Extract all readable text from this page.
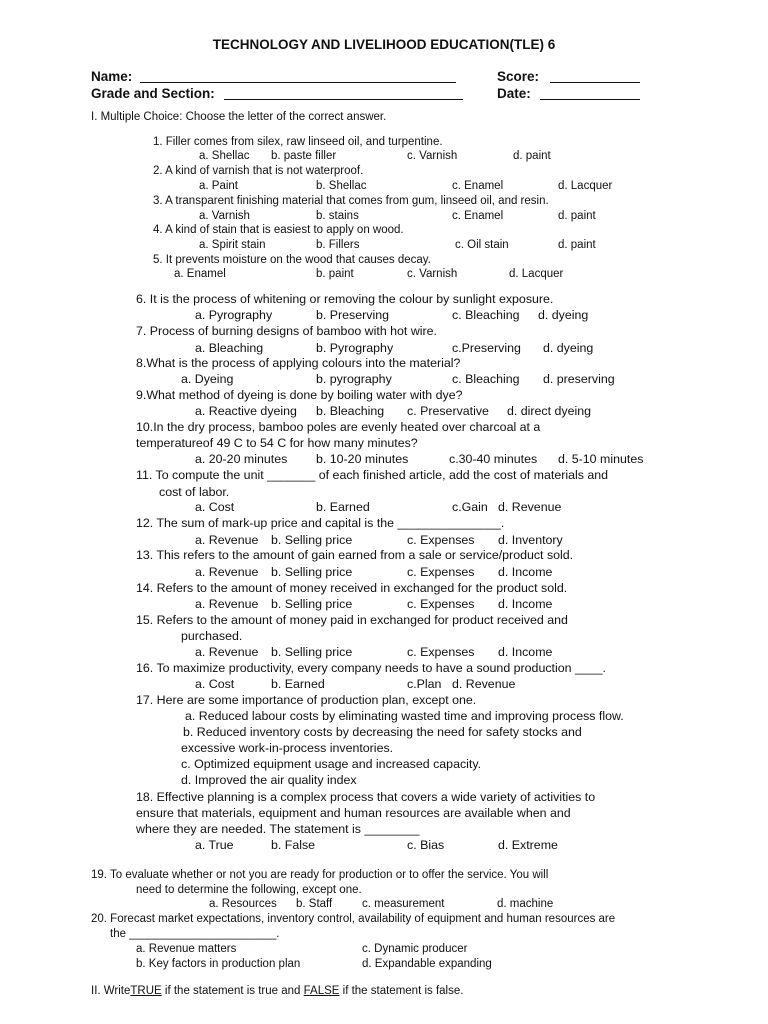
TECHNOLOGY AND LIVELIHOOD EDUCATION(TLE) 6
Name:	Score:
Grade and Section:	Date:
I. Multiple Choice: Choose the letter of the correct answer.
1. Filler comes from silex, raw linseed oil, and turpentine.
a. Shellac b. paste filler	c. Varnish	d. paint
2. A kind of varnish that is not waterproof.
a. Paint	b. Shellac	c. Enamel	d. Lacquer
3. A transparent finishing material that comes from gum, linseed oil, and resin.
a. Varnish	b. stains	c. Enamel	d. paint
4. A kind of stain that is easiest to apply on wood.
a. Spirit stain	b. Fillers	c. Oil stain	d. paint
5. It prevents moisture on the wood that causes decay.
a. Enamel	b. paint	c. Varnish	d. Lacquer
6. It is the process of whitening or removing the colour by sunlight exposure.
a. Pyrography	b. Preserving	c. Bleaching d. dyeing
7. Process of burning designs of bamboo with hot wire.
a. Bleaching	b. Pyrography	c.Preserving d. dyeing
8.What is the process of applying colours into the material?
a. Dyeing	b. pyrography	c. Bleaching d. preserving
9.What method of dyeing is done by boiling water with dye?
a. Reactive dyeing b. Bleaching c. Preservative d. direct dyeing
10.In the dry process, bamboo poles are evenly heated over charcoal at a
temperatureof 49 C to 54 C for how many minutes?
a. 20-20 minutes b. 10-20 minutes	c.30-40 minutes d. 5-10 minutes
11. To compute the unit _______ of each finished article, add the cost of materials and
cost of labor.
a. Cost	b. Earned	c.Gain d. Revenue
12. The sum of mark-up price and capital is the _______________.
a. Revenue b. Selling price	c. Expenses d. Inventory
13. This refers to the amount of gain earned from a sale or service/product sold.
a. Revenue b. Selling price	c. Expenses d. Income
14. Refers to the amount of money received in exchanged for the product sold.
a. Revenue b. Selling price	c. Expenses d. Income
15. Refers to the amount of money paid in exchanged for product received and
purchased.
a. Revenue b. Selling price	c. Expenses d. Income
16. To maximize productivity, every company needs to have a sound production ____.
a. Cost	b. Earned	c.Plan d. Revenue
17. Here are some importance of production plan, except one.
a. Reduced labour costs by eliminating wasted time and improving process flow.
b. Reduced inventory costs by decreasing the need for safety stocks and
excessive work-in-process inventories.
c. Optimized equipment usage and increased capacity.
d. Improved the air quality index
18. Effective planning is a complex process that covers a wide variety of activities to
ensure that materials, equipment and human resources are available when and
where they are needed. The statement is ________
a. True	b. False	c. Bias	d. Extreme
19. To evaluate whether or not you are ready for production or to offer the service. You will
need to determine the following, except one.
a. Resources b. Staff	c. measurement	d. machine
20. Forecast market expectations, inventory control, availability of equipment and human resources are
the _______________________.
a. Revenue matters	c. Dynamic producer
b. Key factors in production plan	d. Expandable expanding
II. WriteTRUE if the statement is true and FALSE if the statement is false.
